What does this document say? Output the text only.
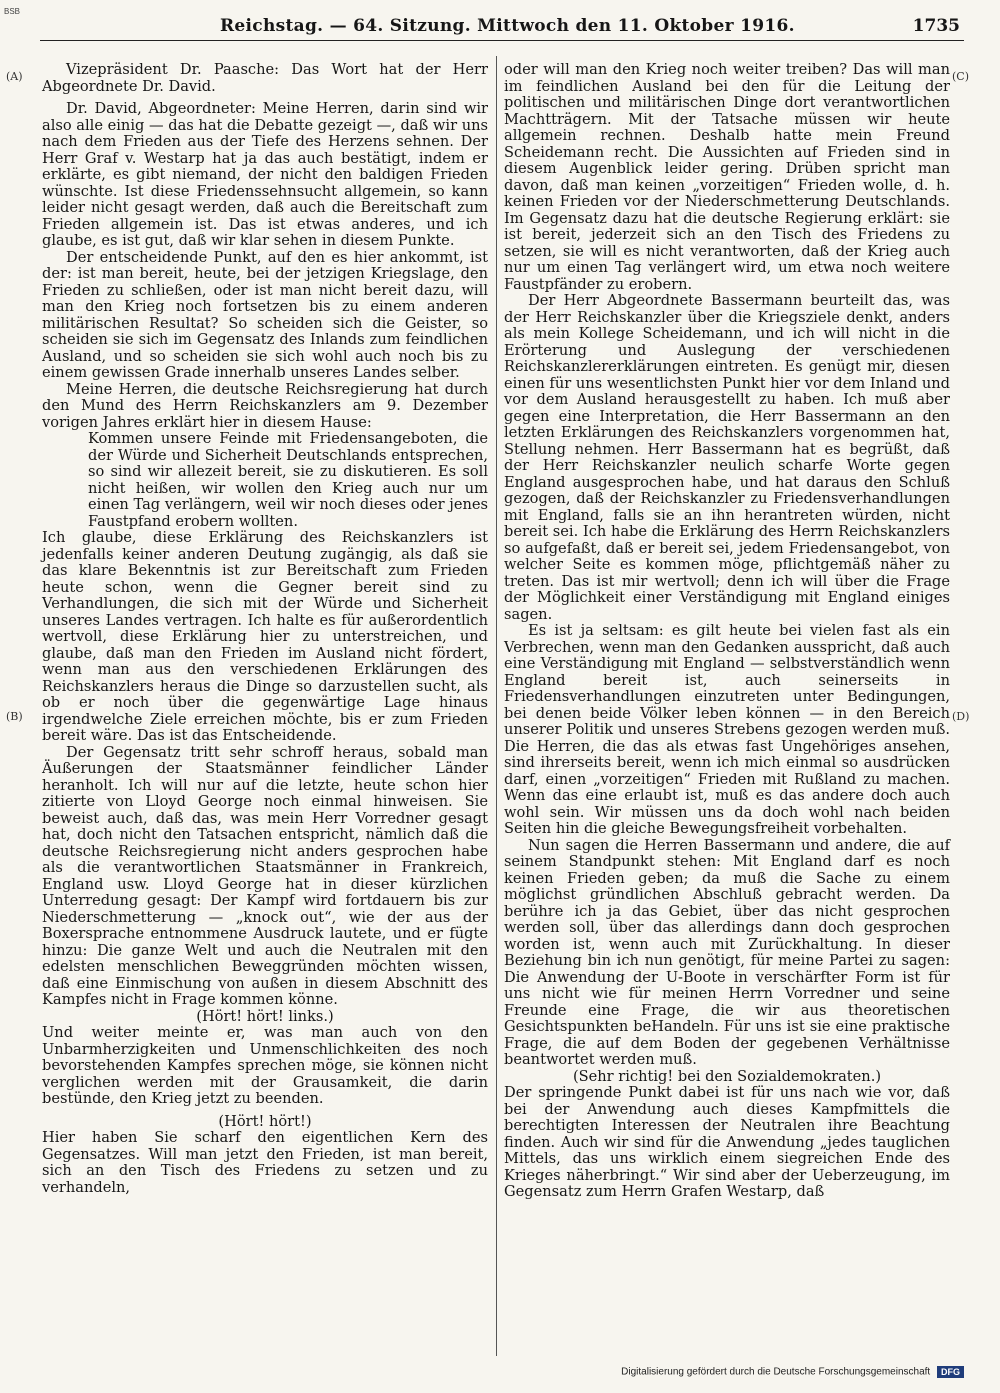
BSB
Reichstag. — 64. Sitzung. Mittwoch den 11. Oktober 1916.	1735
(A)
(B)
(C)
(D)

Vizepräsident Dr. Paasche: Das Wort hat der Herr Abgeordnete Dr. David.

Dr. David, Abgeordneter: Meine Herren, darin sind wir also alle einig — das hat die Debatte gezeigt —, daß wir uns nach dem Frieden aus der Tiefe des Herzens sehnen. Der Herr Graf v. Westarp hat ja das auch bestätigt, indem er erklärte, es gibt niemand, der nicht den baldigen Frieden wünschte. Ist diese Friedenssehnsucht allgemein, so kann leider nicht gesagt werden, daß auch die Bereitschaft zum Frieden allgemein ist. Das ist etwas anderes, und ich glaube, es ist gut, daß wir klar sehen in diesem Punkte.

Der entscheidende Punkt, auf den es hier ankommt, ist der: ist man bereit, heute, bei der jetzigen Kriegslage, den Frieden zu schließen, oder ist man nicht bereit dazu, will man den Krieg noch fortsetzen bis zu einem anderen militärischen Resultat? So scheiden sich die Geister, so scheiden sie sich im Gegensatz des Inlands zum feindlichen Ausland, und so scheiden sie sich wohl auch noch bis zu einem gewissen Grade innerhalb unseres Landes selber.

Meine Herren, die deutsche Reichsregierung hat durch den Mund des Herrn Reichskanzlers am 9. Dezember vorigen Jahres erklärt hier in diesem Hause:

Kommen unsere Feinde mit Friedensangeboten, die der Würde und Sicherheit Deutschlands entsprechen, so sind wir allezeit bereit, sie zu diskutieren. Es soll nicht heißen, wir wollen den Krieg auch nur um einen Tag verlängern, weil wir noch dieses oder jenes Faustpfand erobern wollten.

Ich glaube, diese Erklärung des Reichskanzlers ist jedenfalls keiner anderen Deutung zugängig, als daß sie das klare Bekenntnis ist zur Bereitschaft zum Frieden heute schon, wenn die Gegner bereit sind zu Verhandlungen, die sich mit der Würde und Sicherheit unseres Landes vertragen. Ich halte es für außerordentlich wertvoll, diese Erklärung hier zu unterstreichen, und glaube, daß man den Frieden im Ausland nicht fördert, wenn man aus den verschiedenen Erklärungen des Reichskanzlers heraus die Dinge so darzustellen sucht, als ob er noch über die gegenwärtige Lage hinaus irgendwelche Ziele erreichen möchte, bis er zum Frieden bereit wäre. Das ist das Entscheidende.

Der Gegensatz tritt sehr schroff heraus, sobald man Äußerungen der Staatsmänner feindlicher Länder heranholt. Ich will nur auf die letzte, heute schon hier zitierte von Lloyd George noch einmal hinweisen. Sie beweist auch, daß das, was mein Herr Vorredner gesagt hat, doch nicht den Tatsachen entspricht, nämlich daß die deutsche Reichsregierung nicht anders gesprochen habe als die verantwortlichen Staatsmänner in Frankreich, England usw. Lloyd George hat in dieser kürzlichen Unterredung gesagt: Der Kampf wird fortdauern bis zur Niederschmetterung — „knock out“, wie der aus der Boxersprache entnommene Ausdruck lautete, und er fügte hinzu: Die ganze Welt und auch die Neutralen mit den edelsten menschlichen Beweggründen möchten wissen, daß eine Einmischung von außen in diesem Abschnitt des Kampfes nicht in Frage kommen könne.

(Hört! hört! links.)

Und weiter meinte er, was man auch von den Unbarmherzigkeiten und Unmenschlichkeiten des noch bevorstehenden Kampfes sprechen möge, sie können nicht verglichen werden mit der Grausamkeit, die darin bestünde, den Krieg jetzt zu beenden.

(Hört! hört!)

Hier haben Sie scharf den eigentlichen Kern des Gegensatzes. Will man jetzt den Frieden, ist man bereit, sich an den Tisch des Friedens zu setzen und zu verhandeln,

oder will man den Krieg noch weiter treiben? Das will man im feindlichen Ausland bei den für die Leitung der politischen und militärischen Dinge dort verantwortlichen Machtträgern. Mit der Tatsache müssen wir heute allgemein rechnen. Deshalb hatte mein Freund Scheidemann recht. Die Aussichten auf Frieden sind in diesem Augenblick leider gering. Drüben spricht man davon, daß man keinen „vorzeitigen“ Frieden wolle, d. h. keinen Frieden vor der Niederschmetterung Deutschlands. Im Gegensatz dazu hat die deutsche Regierung erklärt: sie ist bereit, jederzeit sich an den Tisch des Friedens zu setzen, sie will es nicht verantworten, daß der Krieg auch nur um einen Tag verlängert wird, um etwa noch weitere Faustpfänder zu erobern.

Der Herr Abgeordnete Bassermann beurteilt das, was der Herr Reichskanzler über die Kriegsziele denkt, anders als mein Kollege Scheidemann, und ich will nicht in die Erörterung und Auslegung der verschiedenen Reichskanzlererklärungen eintreten. Es genügt mir, diesen einen für uns wesentlichsten Punkt hier vor dem Inland und vor dem Ausland herausgestellt zu haben. Ich muß aber gegen eine Interpretation, die Herr Bassermann an den letzten Erklärungen des Reichskanzlers vorgenommen hat, Stellung nehmen. Herr Bassermann hat es begrüßt, daß der Herr Reichskanzler neulich scharfe Worte gegen England ausgesprochen habe, und hat daraus den Schluß gezogen, daß der Reichskanzler zu Friedensverhandlungen mit England, falls sie an ihn herantreten würden, nicht bereit sei. Ich habe die Erklärung des Herrn Reichskanzlers so aufgefaßt, daß er bereit sei, jedem Friedensangebot, von welcher Seite es kommen möge, pflichtgemäß näher zu treten. Das ist mir wertvoll; denn ich will über die Frage der Möglichkeit einer Verständigung mit England einiges sagen.

Es ist ja seltsam: es gilt heute bei vielen fast als ein Verbrechen, wenn man den Gedanken ausspricht, daß auch eine Verständigung mit England — selbstverständlich wenn England bereit ist, auch seinerseits in Friedensverhandlungen einzutreten unter Bedingungen, bei denen beide Völker leben können — in den Bereich unserer Politik und unseres Strebens gezogen werden muß. Die Herren, die das als etwas fast Ungehöriges ansehen, sind ihrerseits bereit, wenn ich mich einmal so ausdrücken darf, einen „vorzeitigen“ Frieden mit Rußland zu machen. Wenn das eine erlaubt ist, muß es das andere doch auch wohl sein. Wir müssen uns da doch wohl nach beiden Seiten hin die gleiche Bewegungsfreiheit vorbehalten.

Nun sagen die Herren Bassermann und andere, die auf seinem Standpunkt stehen: Mit England darf es noch keinen Frieden geben; da muß die Sache zu einem möglichst gründlichen Abschluß gebracht werden. Da berühre ich ja das Gebiet, über das nicht gesprochen werden soll, über das allerdings dann doch gesprochen worden ist, wenn auch mit Zurückhaltung. In dieser Beziehung bin ich nun genötigt, für meine Partei zu sagen: Die Anwendung der U-Boote in verschärfter Form ist für uns nicht wie für meinen Herrn Vorredner und seine Freunde eine Frage, die wir aus theoretischen Gesichtspunkten beHandeln. Für uns ist sie eine praktische Frage, die auf dem Boden der gegebenen Verhältnisse beantwortet werden muß.

(Sehr richtig! bei den Sozialdemokraten.)

Der springende Punkt dabei ist für uns nach wie vor, daß bei der Anwendung auch dieses Kampfmittels die berechtigten Interessen der Neutralen ihre Beachtung finden. Auch wir sind für die Anwendung „jedes tauglichen Mittels, das uns wirklich einem siegreichen Ende des Krieges näherbringt.“ Wir sind aber der Ueberzeugung, im Gegensatz zum Herrn Grafen Westarp, daß

Digitalisierung gefördert durch die Deutsche Forschungsgemeinschaft DFG
